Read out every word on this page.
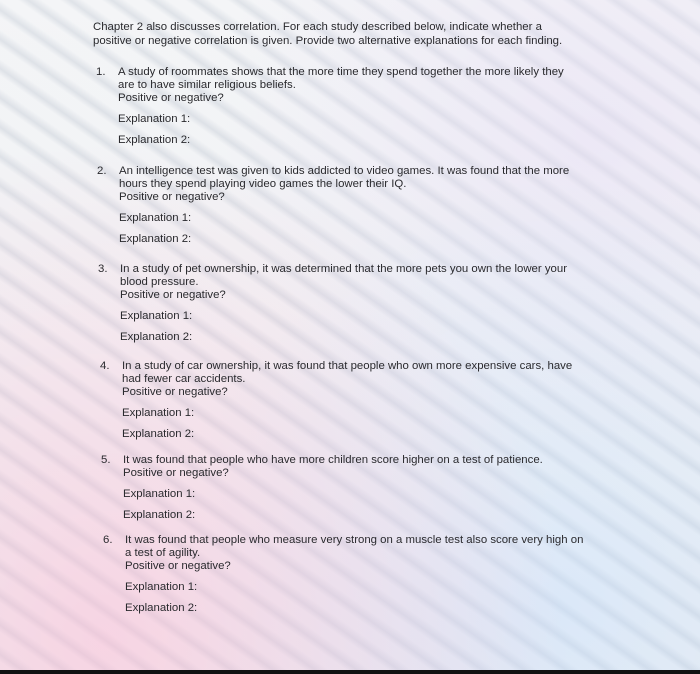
Chapter 2 also discusses correlation. For each study described below, indicate whether a
positive or negative correlation is given. Provide two alternative explanations for each finding.

1.	A study of roommates shows that the more time they spend together the more likely they
are to have similar religious beliefs.
Positive or negative?
Explanation 1:
Explanation 2:
2.	An intelligence test was given to kids addicted to video games. It was found that the more
hours they spend playing video games the lower their IQ.
Positive or negative?
Explanation 1:
Explanation 2:
3.	In a study of pet ownership, it was determined that the more pets you own the lower your
blood pressure.
Positive or negative?
Explanation 1:
Explanation 2:
4.	In a study of car ownership, it was found that people who own more expensive cars, have
had fewer car accidents.
Positive or negative?
Explanation 1:
Explanation 2:
5.	It was found that people who have more children score higher on a test of patience.
Positive or negative?
Explanation 1:
Explanation 2:
6.	It was found that people who measure very strong on a muscle test also score very high on
a test of agility.
Positive or negative?
Explanation 1:
Explanation 2:
